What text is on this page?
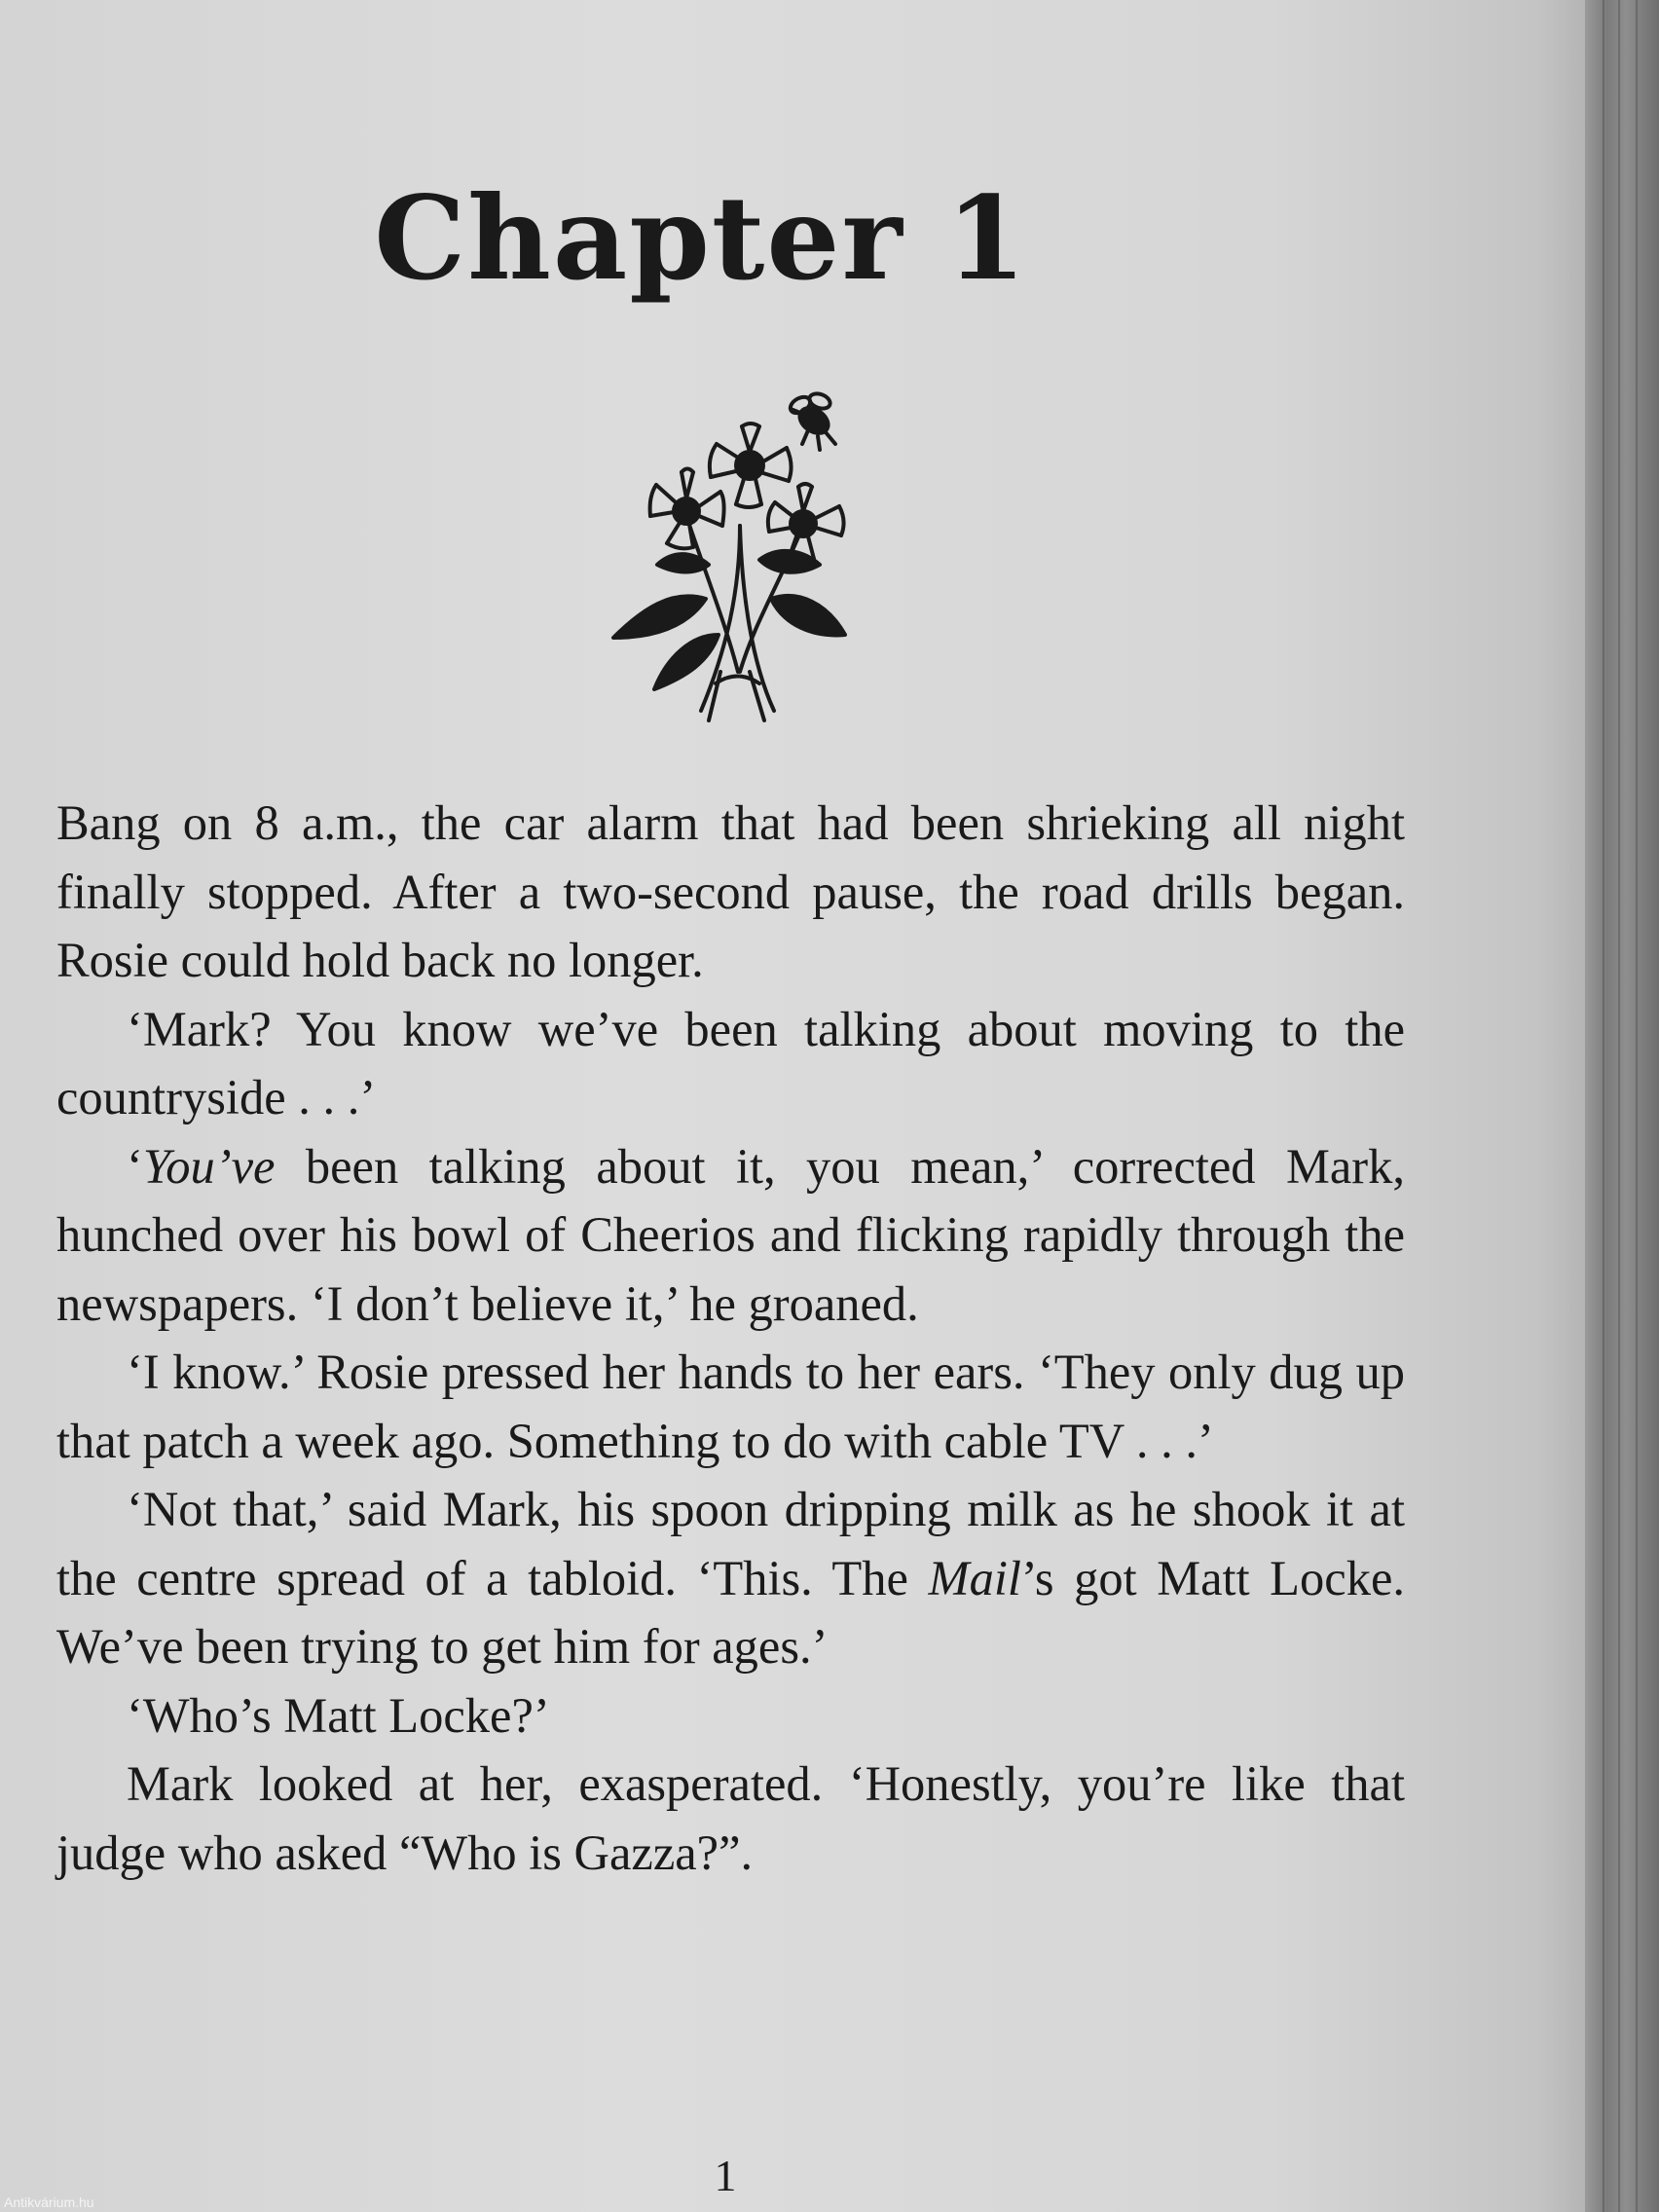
Chapter 1

Bang on 8 a.m., the car alarm that had been shrieking all night finally stopped. After a two-second pause, the road drills began. Rosie could hold back no longer.

‘Mark? You know we’ve been talking about moving to the countryside . . .’

‘You’ve been talking about it, you mean,’ corrected Mark, hunched over his bowl of Cheerios and flicking rapidly through the newspapers. ‘I don’t believe it,’ he groaned.

‘I know.’ Rosie pressed her hands to her ears. ‘They only dug up that patch a week ago. Something to do with cable TV . . .’

‘Not that,’ said Mark, his spoon dripping milk as he shook it at the centre spread of a tabloid. ‘This. The Mail’s got Matt Locke. We’ve been trying to get him for ages.’

‘Who’s Matt Locke?’

Mark looked at her, exasperated. ‘Honestly, you’re like that judge who asked “Who is Gazza?”.

1
Antikvárium.hu
